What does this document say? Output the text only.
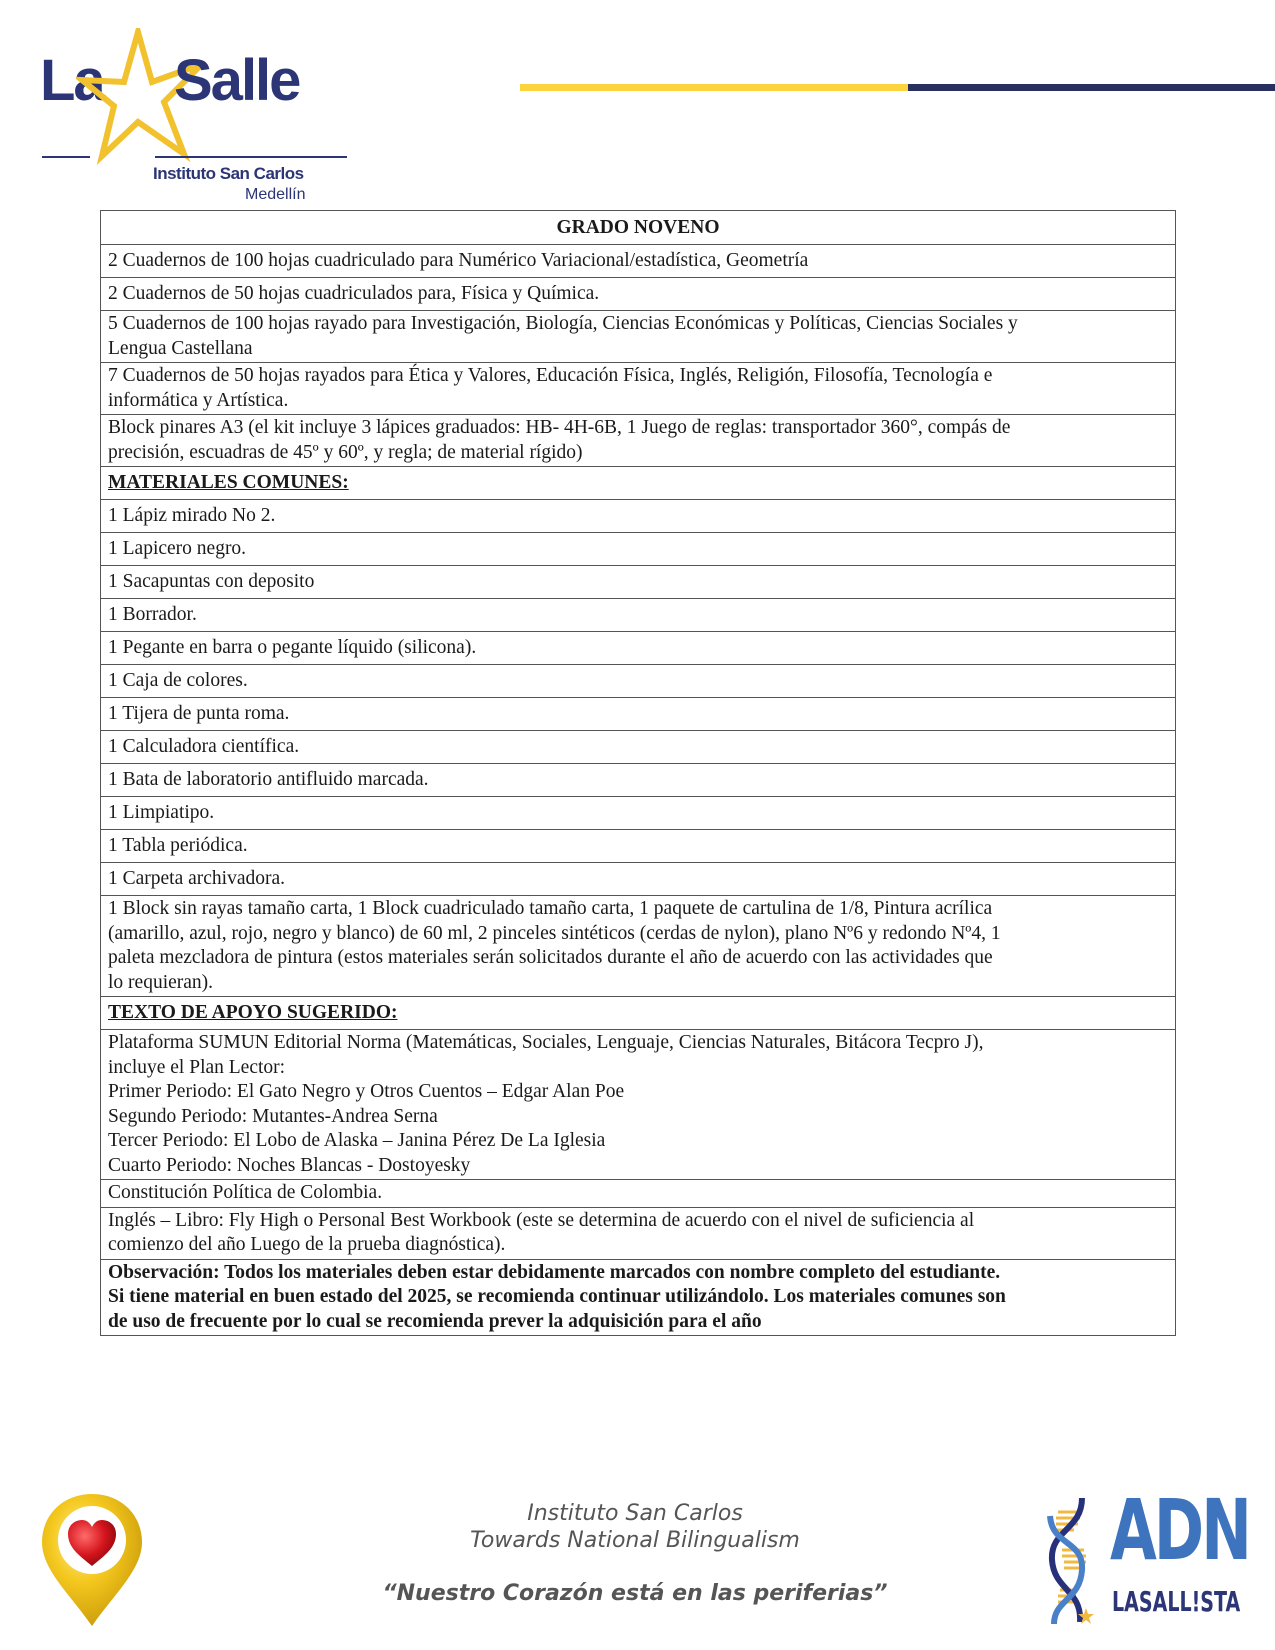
La Salle
Instituto San Carlos
Medellín
GRADO NOVENO
2 Cuadernos de 100 hojas cuadriculado para Numérico Variacional/estadística, Geometría
2 Cuadernos de 50 hojas cuadriculados para, Física y Química.
5 Cuadernos de 100 hojas rayado para Investigación, Biología, Ciencias Económicas y Políticas, Ciencias Sociales y
Lengua Castellana
7 Cuadernos de 50 hojas rayados para Ética y Valores, Educación Física, Inglés, Religión, Filosofía, Tecnología e
informática y Artística.
Block pinares A3 (el kit incluye 3 lápices graduados: HB- 4H-6B, 1 Juego de reglas: transportador 360°, compás de
precisión, escuadras de 45º y 60º, y regla; de material rígido)
MATERIALES COMUNES:
1 Lápiz mirado No 2.
1 Lapicero negro.
1 Sacapuntas con deposito
1 Borrador.
1 Pegante en barra o pegante líquido (silicona).
1 Caja de colores.
1 Tijera de punta roma.
1 Calculadora científica.
1 Bata de laboratorio antifluido marcada.
1 Limpiatipo.
1 Tabla periódica.
1 Carpeta archivadora.
1 Block sin rayas tamaño carta, 1 Block cuadriculado tamaño carta, 1 paquete de cartulina de 1/8, Pintura acrílica
(amarillo, azul, rojo, negro y blanco) de 60 ml, 2 pinceles sintéticos (cerdas de nylon), plano Nº6 y redondo Nº4, 1
paleta mezcladora de pintura (estos materiales serán solicitados durante el año de acuerdo con las actividades que
lo requieran).
TEXTO DE APOYO SUGERIDO:
Plataforma SUMUN Editorial Norma (Matemáticas, Sociales, Lenguaje, Ciencias Naturales, Bitácora Tecpro J),
incluye el Plan Lector:
Primer Periodo: El Gato Negro y Otros Cuentos – Edgar Alan Poe
Segundo Periodo: Mutantes-Andrea Serna
Tercer Periodo: El Lobo de Alaska – Janina Pérez De La Iglesia
Cuarto Periodo: Noches Blancas - Dostoyesky
Constitución Política de Colombia.
Inglés – Libro: Fly High o Personal Best Workbook (este se determina de acuerdo con el nivel de suficiencia al
comienzo del año Luego de la prueba diagnóstica).
Observación: Todos los materiales deben estar debidamente marcados con nombre completo del estudiante.
Si tiene material en buen estado del 2025, se recomienda continuar utilizándolo. Los materiales comunes son
de uso de frecuente por lo cual se recomienda prever la adquisición para el año
Instituto San Carlos
Towards National Bilingualism
“Nuestro Corazón está en las periferias”
ADN
LASALL!STA
